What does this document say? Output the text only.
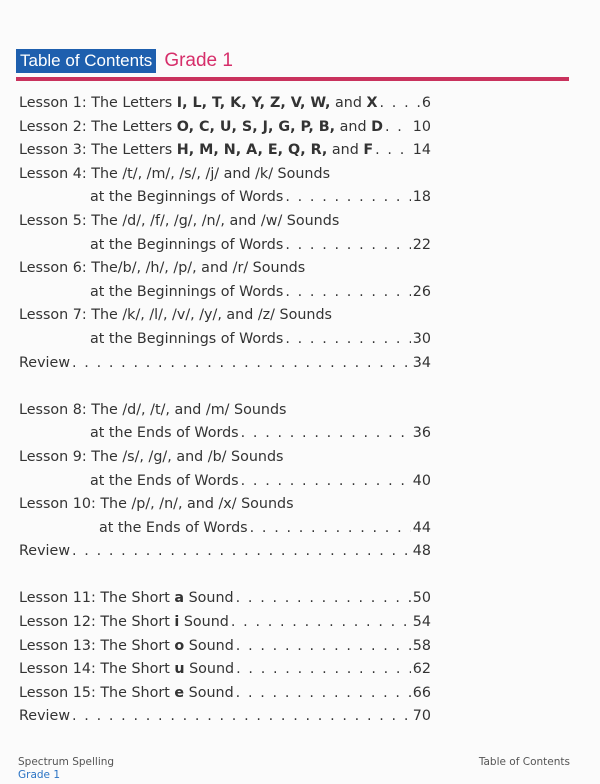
Table of Contents Grade 1
Lesson 1: The Letters I, L, T, K, Y, Z, V, W, and X . . .	6
Lesson 2: The Letters O, C, U, S, J, G, P, B, and D . . . 10
Lesson 3: The Letters H, M, N, A, E, Q, R, and F . . .	14
Lesson 4: The /t/, /m/, /s/, /j/ and /k/ Sounds
at the Beginnings of Words . . .	18
Lesson 5: The /d/, /f/, /g/, /n/, and /w/ Sounds
at the Beginnings of Words . . .	22
Lesson 6: The/b/, /h/, /p/, and /r/ Sounds
at the Beginnings of Words . . .	26
Lesson 7: The /k/, /l/, /v/, /y/, and /z/ Sounds
at the Beginnings of Words . . .	30
Review . . .	34
Lesson 8: The /d/, /t/, and /m/ Sounds
at the Ends of Words . . .	36
Lesson 9: The /s/, /g/, and /b/ Sounds
at the Ends of Words . . .	40
Lesson 10: The /p/, /n/, and /x/ Sounds
at the Ends of Words . . .	44
Review . . .	48
Lesson 11: The Short a Sound . . .	50
Lesson 12: The Short i Sound . . .	54
Lesson 13: The Short o Sound . . .	58
Lesson 14: The Short u Sound . . .	62
Lesson 15: The Short e Sound . . .	66
Review . . .	70
Spectrum Spelling
Grade 1
Table of Contents
